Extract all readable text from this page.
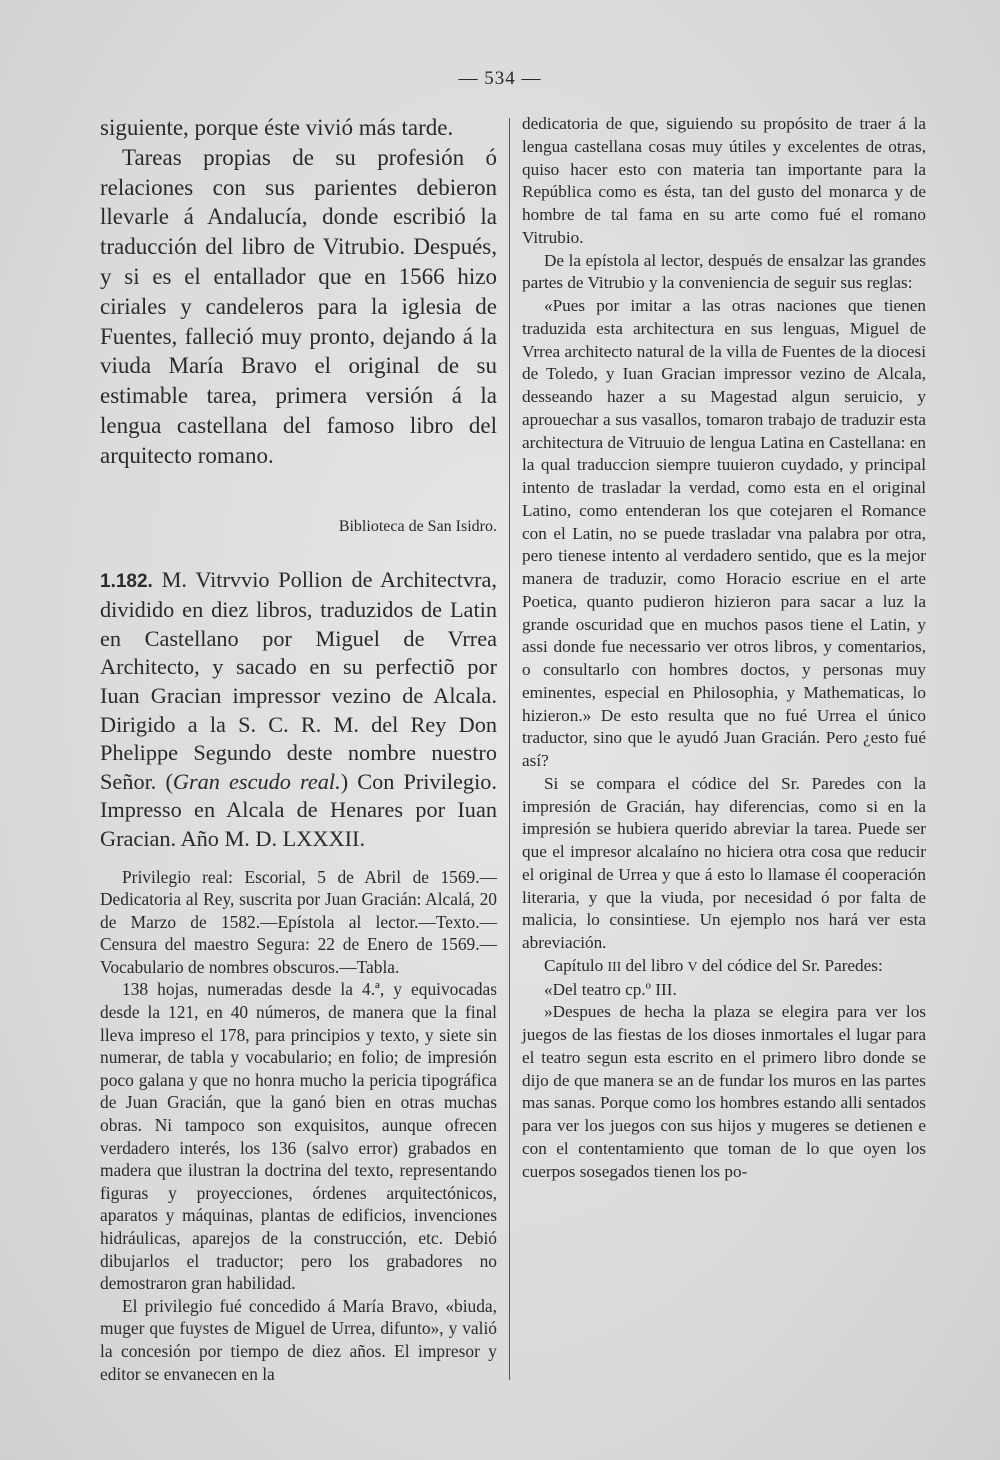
— 534 —

siguiente, porque éste vivió más tarde.

Tareas propias de su profesión ó relaciones con sus parientes debieron llevarle á Andalucía, donde escribió la traducción del libro de Vitrubio. Después, y si es el entallador que en 1566 hizo ciriales y candeleros para la iglesia de Fuentes, falleció muy pronto, dejando á la viuda María Bravo el original de su estimable tarea, primera versión á la lengua castellana del famoso libro del arquitecto romano.

Biblioteca de San Isidro.

1.182. M. Vitrvvio Pollion de Architectvra, dividido en diez libros, traduzidos de Latin en Castellano por Miguel de Vrrea Architecto, y sacado en su perfectiõ por Iuan Gracian impressor vezino de Alcala. Dirigido a la S. C. R. M. del Rey Don Phelippe Segundo deste nombre nuestro Señor. (Gran escudo real.) Con Privilegio. Impresso en Alcala de Henares por Iuan Gracian. Año M. D. LXXXII.

Privilegio real: Escorial, 5 de Abril de 1569.—Dedicatoria al Rey, suscrita por Juan Gracián: Alcalá, 20 de Marzo de 1582.—Epístola al lector.—Texto.—Censura del maestro Segura: 22 de Enero de 1569.—Vocabulario de nombres obscuros.—Tabla.

138 hojas, numeradas desde la 4.ª, y equivocadas desde la 121, en 40 números, de manera que la final lleva impreso el 178, para principios y texto, y siete sin numerar, de tabla y vocabulario; en folio; de impresión poco galana y que no honra mucho la pericia tipográfica de Juan Gracián, que la ganó bien en otras muchas obras. Ni tampoco son exquisitos, aunque ofrecen verdadero interés, los 136 (salvo error) grabados en madera que ilustran la doctrina del texto, representando figuras y proyecciones, órdenes arquitectónicos, aparatos y máquinas, plantas de edificios, invenciones hidráulicas, aparejos de la construcción, etc. Debió dibujarlos el traductor; pero los grabadores no demostraron gran habilidad.

El privilegio fué concedido á María Bravo, «biuda, muger que fuystes de Miguel de Urrea, difunto», y valió la concesión por tiempo de diez años. El impresor y editor se envanecen en la

dedicatoria de que, siguiendo su propósito de traer á la lengua castellana cosas muy útiles y excelentes de otras, quiso hacer esto con materia tan importante para la República como es ésta, tan del gusto del monarca y de hombre de tal fama en su arte como fué el romano Vitrubio.

De la epístola al lector, después de ensalzar las grandes partes de Vitrubio y la conveniencia de seguir sus reglas:

«Pues por imitar a las otras naciones que tienen traduzida esta architectura en sus lenguas, Miguel de Vrrea architecto natural de la villa de Fuentes de la diocesi de Toledo, y Iuan Gracian impressor vezino de Alcala, desseando hazer a su Magestad algun seruicio, y aprouechar a sus vasallos, tomaron trabajo de traduzir esta architectura de Vitruuio de lengua Latina en Castellana: en la qual traduccion siempre tuuieron cuydado, y principal intento de trasladar la verdad, como esta en el original Latino, como entenderan los que cotejaren el Romance con el Latin, no se puede trasladar vna palabra por otra, pero tienese intento al verdadero sentido, que es la mejor manera de traduzir, como Horacio escriue en el arte Poetica, quanto pudieron hizieron para sacar a luz la grande oscuridad que en muchos pasos tiene el Latin, y assi donde fue necessario ver otros libros, y comentarios, o consultarlo con hombres doctos, y personas muy eminentes, especial en Philosophia, y Mathematicas, lo hizieron.» De esto resulta que no fué Urrea el único traductor, sino que le ayudó Juan Gracián. Pero ¿esto fué así?

Si se compara el códice del Sr. Paredes con la impresión de Gracián, hay diferencias, como si en la impresión se hubiera querido abreviar la tarea. Puede ser que el impresor alcalaíno no hiciera otra cosa que reducir el original de Urrea y que á esto lo llamase él cooperación literaria, y que la viuda, por necesidad ó por falta de malicia, lo consintiese. Un ejemplo nos hará ver esta abreviación.

Capítulo III del libro V del códice del Sr. Paredes:

«Del teatro cp.º III.

»Despues de hecha la plaza se elegira para ver los juegos de las fiestas de los dioses inmortales el lugar para el teatro segun esta escrito en el primero libro donde se dijo de que manera se an de fundar los muros en las partes mas sanas. Porque como los hombres estando alli sentados para ver los juegos con sus hijos y mugeres se detienen e con el contentamiento que toman de lo que oyen los cuerpos sosegados tienen los po-
